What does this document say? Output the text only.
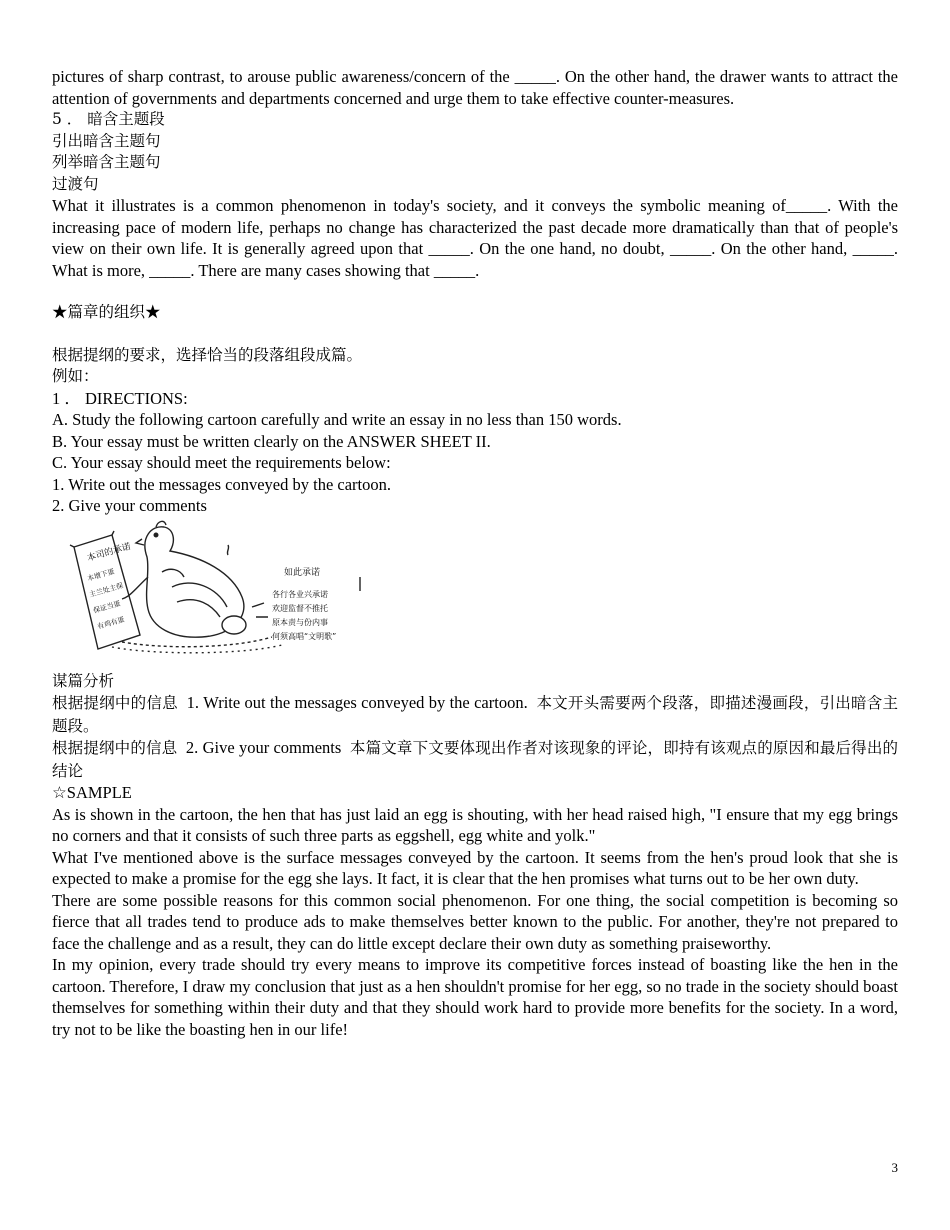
pictures of sharp contrast, to arouse public awareness/concern of the _____. On the other hand, the drawer wants to attract the attention of governments and departments concerned and urge them to take effective counter-measures.

5 ． 暗含主题段

引出暗含主题句

列举暗含主题句

过渡句

What it illustrates is a common phenomenon in today's society, and it conveys the symbolic meaning of_____. With the increasing pace of modern life, perhaps no change has characterized the past decade more dramatically than that of people's view on their own life. It is generally agreed upon that _____. On the one hand, no doubt, _____. On the other hand, _____. What is more, _____. There are many cases showing that _____.

★篇章的组织★

根据提纲的要求，选择恰当的段落组段成篇。

例如：

1 ． DIRECTIONS:

A. Study the following cartoon carefully and write an essay in no less than 150 words.

B. Your essay must be written clearly on the ANSWER SHEET II.

C. Your essay should meet the requirements below:

1. Write out the messages conveyed by the cartoon.

2. Give your comments

本司的承诺
本增下蛋
主兰处主保
保证当蛋
有鸡有蛋
如此承诺
各行各业兴承诺
欢迎监督不推托
原本责与份内事
何须高唱“文明歌”

谋篇分析

根据提纲中的信息 1. Write out the messages conveyed by the cartoon. 本文开头需要两个段落，即描述漫画段，引出暗含主题段。

根据提纲中的信息 2. Give your comments 本篇文章下文要体现出作者对该现象的评论，即持有该观点的原因和最后得出的结论

☆SAMPLE

As is shown in the cartoon, the hen that has just laid an egg is shouting, with her head raised high, "I ensure that my egg brings no corners and that it consists of such three parts as eggshell, egg white and yolk."

What I've mentioned above is the surface messages conveyed by the cartoon. It seems from the hen's proud look that she is expected to make a promise for the egg she lays. It fact, it is clear that the hen promises what turns out to be her own duty.

There are some possible reasons for this common social phenomenon. For one thing, the social competition is becoming so fierce that all trades tend to produce ads to make themselves better known to the public. For another, they're not prepared to face the challenge and as a result, they can do little except declare their own duty as something praiseworthy.

In my opinion, every trade should try every means to improve its competitive forces instead of boasting like the hen in the cartoon. Therefore, I draw my conclusion that just as a hen shouldn't promise for her egg, so no trade in the society should boast themselves for something within their duty and that they should work hard to provide more benefits for the society. In a word, try not to be like the boasting hen in our life!

3
